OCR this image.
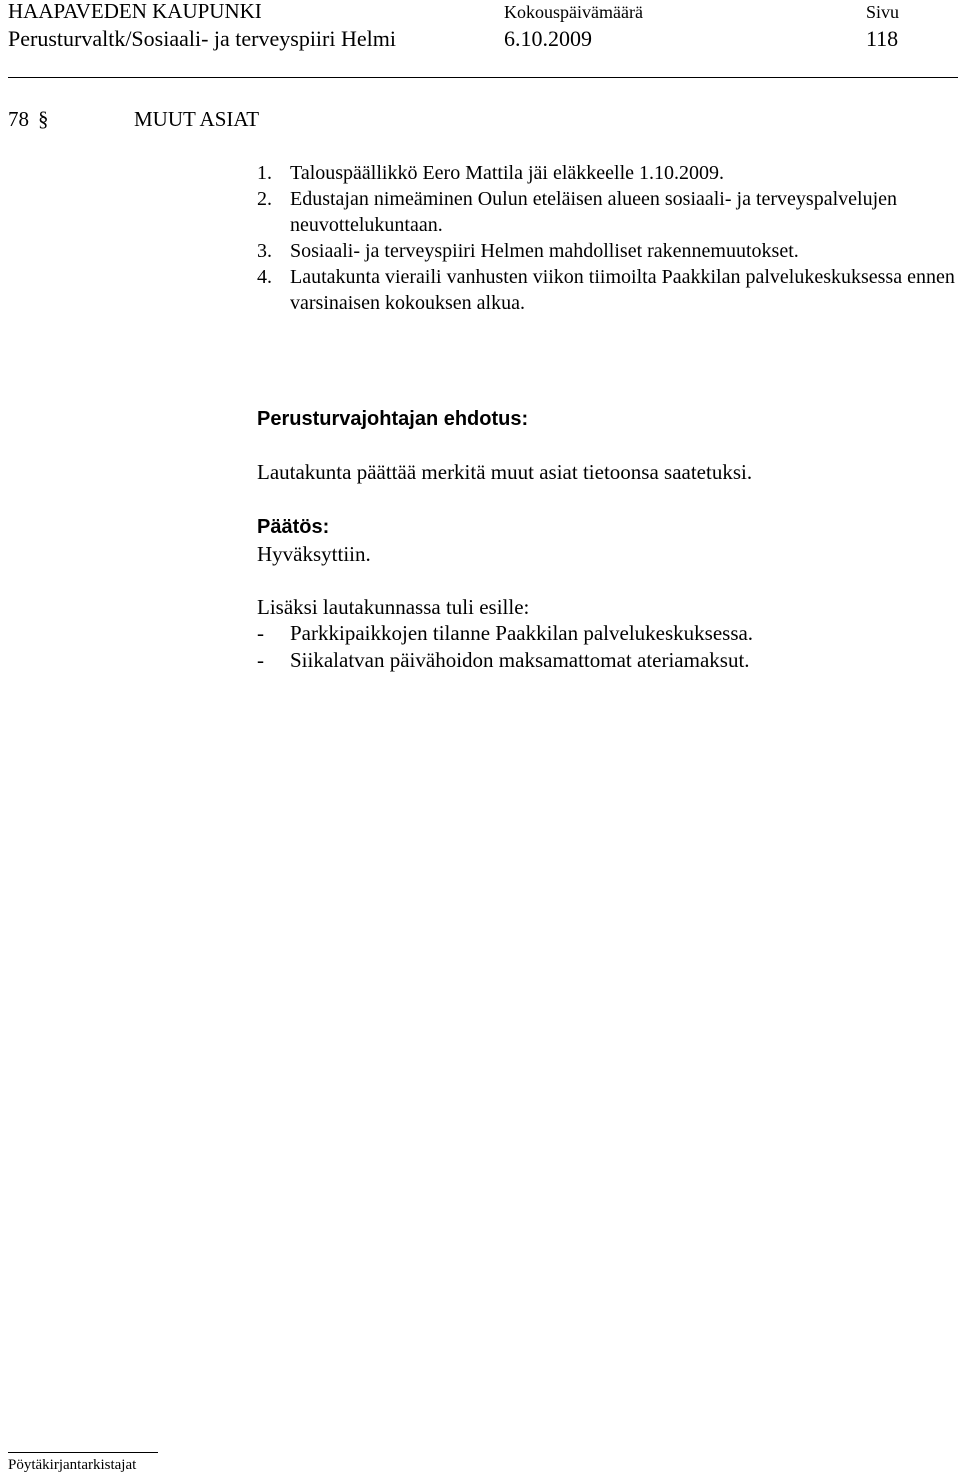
HAAPAVEDEN KAUPUNKI
Perusturvaltk/Sosiaali- ja terveyspiiri Helmi
Kokouspäivämäärä
6.10.2009
Sivu
118
78 §	MUUT ASIAT
1. Talouspäällikkö Eero Mattila jäi eläkkeelle 1.10.2009.
2. Edustajan nimeäminen Oulun eteläisen alueen sosiaali- ja terveyspalvelujen neuvottelukuntaan.
3. Sosiaali- ja terveyspiiri Helmen mahdolliset rakennemuutokset.
4. Lautakunta vieraili vanhusten viikon tiimoilta Paakkilan palvelukeskuksessa ennen varsinaisen kokouksen alkua.
Perusturvajohtajan ehdotus:
Lautakunta päättää merkitä muut asiat tietoonsa saatetuksi.
Päätös:
Hyväksyttiin.
Lisäksi lautakunnassa tuli esille:
- Parkkipaikkojen tilanne Paakkilan palvelukeskuksessa.
- Siikalatvan päivähoidon maksamattomat ateriamaksut.
Pöytäkirjantarkistajat
